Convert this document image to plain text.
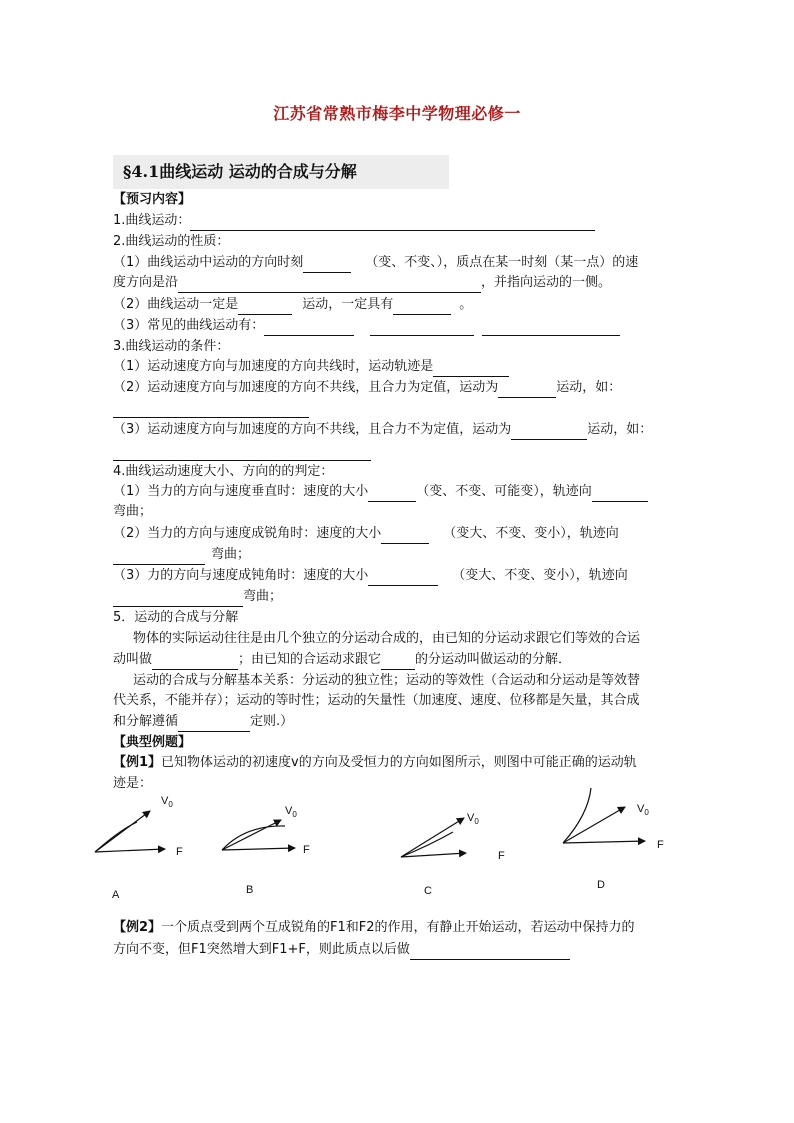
江苏省常熟市梅李中学物理必修一
§4.1曲线运动 运动的合成与分解
【预习内容】
1.曲线运动：
2.曲线运动的性质：
（1）曲线运动中运动的方向时刻	（变、不变、），质点在某一时刻（某一点）的速
度方向是沿	，并指向运动的一侧。
（2）曲线运动一定是	运动，一定具有	。
（3）常见的曲线运动有：
3.曲线运动的条件：
（1）运动速度方向与加速度的方向共线时，运动轨迹是
（2）运动速度方向与加速度的方向不共线，且合力为定值，运动为	运动，如：
（3）运动速度方向与加速度的方向不共线，且合力不为定值，运动为	运动，如：
4.曲线运动速度大小、方向的的判定：
（1）当力的方向与速度垂直时：速度的大小	（变、不变、可能变），轨迹向
弯曲；
（2）当力的方向与速度成锐角时：速度的大小	（变大、不变、变小），轨迹向
弯曲；
（3）力的方向与速度成钝角时：速度的大小	（变大、不变、变小），轨迹向
弯曲；
5．运动的合成与分解
物体的实际运动往往是由几个独立的分运动合成的，由已知的分运动求跟它们等效的合运
动叫做	；由已知的合运动求跟它	的分运动叫做运动的分解．
运动的合成与分解基本关系：分运动的独立性；运动的等效性（合运动和分运动是等效替
代关系，不能并存）；运动的等时性；运动的矢量性（加速度、速度、位移都是矢量，其合成
和分解遵循	定则.）
【典型例题】
【例1】已知物体运动的初速度v的方向及受恒力的方向如图所示，则图中可能正确的运动轨
迹是：
$V_0$
F
A
$V_0$
F
B
$V_0$
F
C
$V_0$
F
D
【例2】一个质点受到两个互成锐角的F1和F2的作用，有静止开始运动，若运动中保持力的
方向不变，但F1突然增大到F1+F，则此质点以后做
